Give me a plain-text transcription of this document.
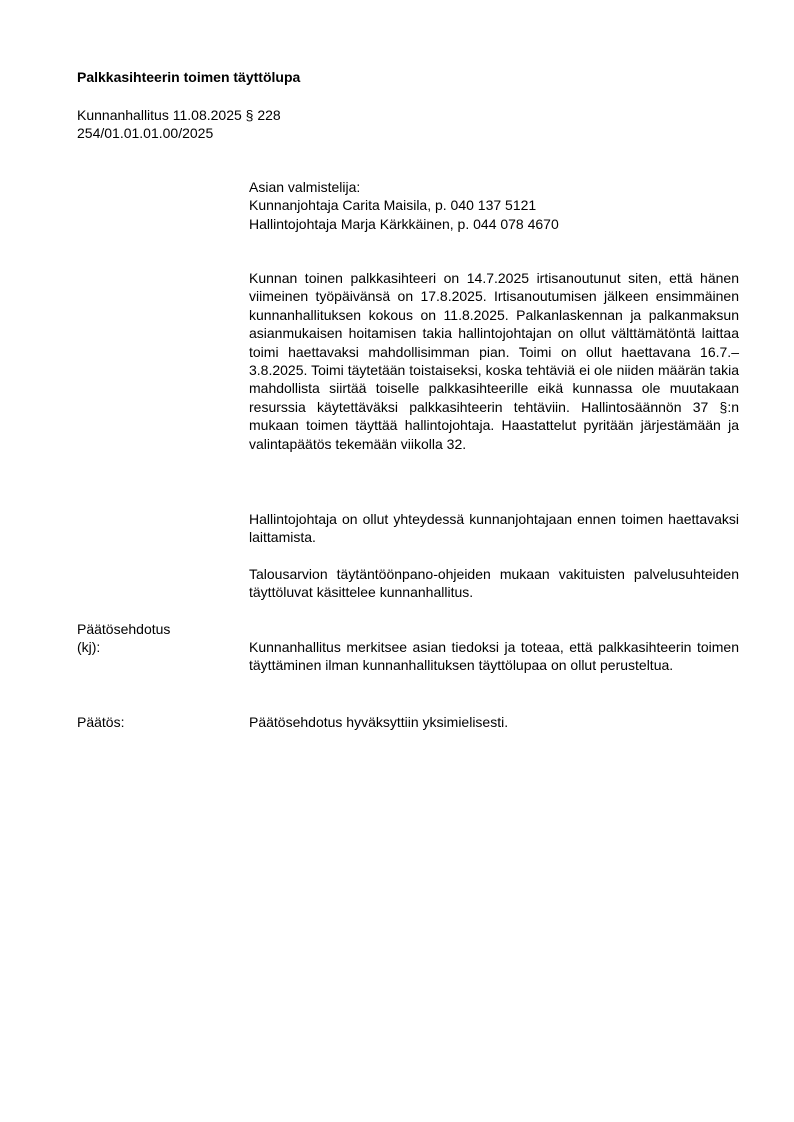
Palkkasihteerin toimen täyttölupa
Kunnanhallitus 11.08.2025 § 228
254/01.01.01.00/2025
Asian valmistelija:
Kunnanjohtaja Carita Maisila, p. 040 137 5121
Hallintojohtaja Marja Kärkkäinen, p. 044 078 4670
Kunnan toinen palkkasihteeri on 14.7.2025 irtisanoutunut siten, että hänen viimeinen työpäivänsä on 17.8.2025. Irtisanoutumisen jälkeen ensimmäinen kunnanhallituksen kokous on 11.8.2025. Palkanlaskennan ja palkanmaksun asianmukaisen hoitamisen takia hallintojohtajan on ollut välttämätöntä laittaa toimi haettavaksi mahdollisimman pian. Toimi on ollut haettavana 16.7.–3.8.2025. Toimi täytetään toistaiseksi, koska tehtäviä ei ole niiden määrän takia mahdollista siirtää toiselle palkkasihteerille eikä kunnassa ole muutakaan resurssia käytettäväksi palkkasihteerin tehtäviin. Hallintosäännön 37 §:n mukaan toimen täyttää hallintojohtaja. Haastattelut pyritään järjestämään ja valintapäätös tekemään viikolla 32.
Hallintojohtaja on ollut yhteydessä kunnanjohtajaan ennen toimen haettavaksi laittamista.
Talousarvion täytäntöönpano-ohjeiden mukaan vakituisten palvelusuhteiden täyttöluvat käsittelee kunnanhallitus.
Päätösehdotus
(kj):	Kunnanhallitus merkitsee asian tiedoksi ja toteaa, että palkkasihteerin toimen täyttäminen ilman kunnanhallituksen täyttölupaa on ollut perusteltua.
Päätös:	Päätösehdotus hyväksyttiin yksimielisesti.
